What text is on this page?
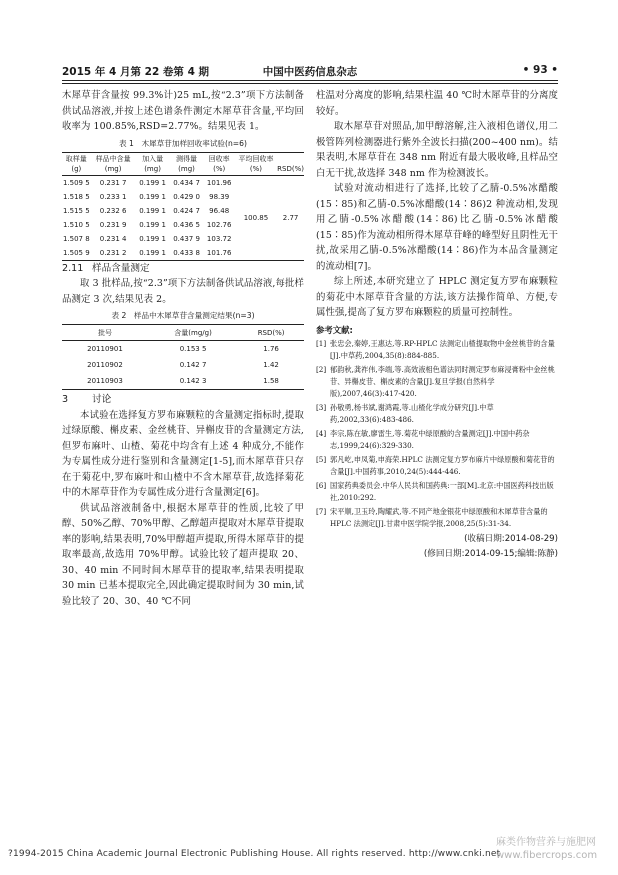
2015 年 4 月第 22 卷第 4 期	中国中医药信息杂志	• 93 •

木犀草苷含量按 99.3%计)25 mL,按“2.3”项下方法制备供试品溶液,并按上述色谱条件测定木犀草苷含量,平均回收率为 100.85%,RSD=2.77%。结果见表 1。

表 1　木犀草苷加样回收率试验(n=6)
取样量(g)	样品中含量(mg)	加入量(mg)	测得量(mg)	回收率(%)	平均回收率(%)	RSD(%)
1.509 5	0.231 7	0.199 1	0.434 7	101.96	100.85	2.77
1.518 5	0.233 1	0.199 1	0.429 0	98.39		
1.515 5	0.232 6	0.199 1	0.424 7	96.48		
1.510 5	0.231 9	0.199 1	0.436 5	102.76		
1.507 8	0.231 4	0.199 1	0.437 9	103.72		
1.505 9	0.231 2	0.199 1	0.433 8	101.76		
2.11 样品含量测定

取 3 批样品,按“2.3”项下方法制备供试品溶液,每批样品测定 3 次,结果见表 2。

表 2　样品中木犀草苷含量测定结果(n=3)
批号	含量(mg/g)	RSD(%)
20110901	0.153 5	1.76
20110902	0.142 7	1.42
20110903	0.142 3	1.58
3 讨论

本试验在选择复方罗布麻颗粒的含量测定指标时,提取过绿原酸、槲皮素、金丝桃苷、异槲皮苷的含量测定方法,但罗布麻叶、山楂、菊花中均含有上述 4 种成分,不能作为专属性成分进行鉴别和含量测定[1-5],而木犀草苷只存在于菊花中,罗布麻叶和山楂中不含木犀草苷,故选择菊花中的木犀草苷作为专属性成分进行含量测定[6]。

供试品溶液制备中,根据木犀草苷的性质,比较了甲醇、50%乙醇、70%甲醇、乙醇超声提取对木犀草苷提取率的影响,结果表明,70%甲醇超声提取,所得木犀草苷的提取率最高,故选用 70%甲醇。试验比较了超声提取 20、30、40 min 不同时间木犀草苷的提取率,结果表明提取 30 min 已基本提取完全,因此确定提取时间为 30 min,试验比较了 20、30、40 ℃不同

柱温对分离度的影响,结果柱温 40 ℃时木犀草苷的分离度较好。

取木犀草苷对照品,加甲醇溶解,注入液相色谱仪,用二极管阵列检测器进行紫外全波长扫描(200~400 nm)。结果表明,木犀草苷在 348 nm 附近有最大吸收峰,且样品空白无干扰,故选择 348 nm 作为检测波长。

试验对流动相进行了选择,比较了乙腈-0.5%冰醋酸(15∶85)和乙腈-0.5%冰醋酸(14∶86)2 种流动相,发现用乙腈-0.5%冰醋酸(14∶86)比乙腈-0.5%冰醋酸(15∶85)作为流动相所得木犀草苷峰的峰型好且阴性无干扰,故采用乙腈-0.5%冰醋酸(14∶86)作为本品含量测定的流动相[7]。

综上所述,本研究建立了 HPLC 测定复方罗布麻颗粒的菊花中木犀草苷含量的方法,该方法操作简单、方便,专属性强,提高了复方罗布麻颗粒的质量可控制性。

参考文献:
[1] 张忠会,秦婷,王惠达,等.RP-HPLC 法测定山楂提取物中金丝桃苷的含量[J].中草药,2004,35(8):884-885.
[2] 郁韵秋,龚祚伟,李端,等.高效液相色谱法同时测定罗布麻浸膏粉中金丝桃苷、异槲皮苷、槲皮素的含量[J].复旦学报(自然科学版),2007,46(3):417-420.
[3] 孙敬勇,杨书斌,谢鸿霞,等.山楂化学成分研究[J].中草药,2002,33(6):483-486.
[4] 李宗,陈在敏,廖雷生,等.菊花中绿原酸的含量测定[J].中国中药杂志,1999,24(6):329-330.
[5] 郭凡屹,申凤菊,申海荣.HPLC 法测定复方罗布麻片中绿原酸和菊花苷的含量[J].中国药事,2010,24(5):444-446.
[6] 国家药典委员会.中华人民共和国药典:一部[M].北京:中国医药科技出版社,2010:292.
[7] 宋平顺,卫玉玲,陶耀武,等.不同产地金银花中绿原酸和木犀草苷含量的 HPLC 法测定[J].甘肃中医学院学报,2008,25(5):31-34.
(收稿日期:2014-08-29)
(修回日期:2014-09-15;编辑:陈静)
?1994-2015 China Academic Journal Electronic Publishing House. All rights reserved. http://www.cnki.net
麻类作物营养与施肥网
www.fibercrops.com
